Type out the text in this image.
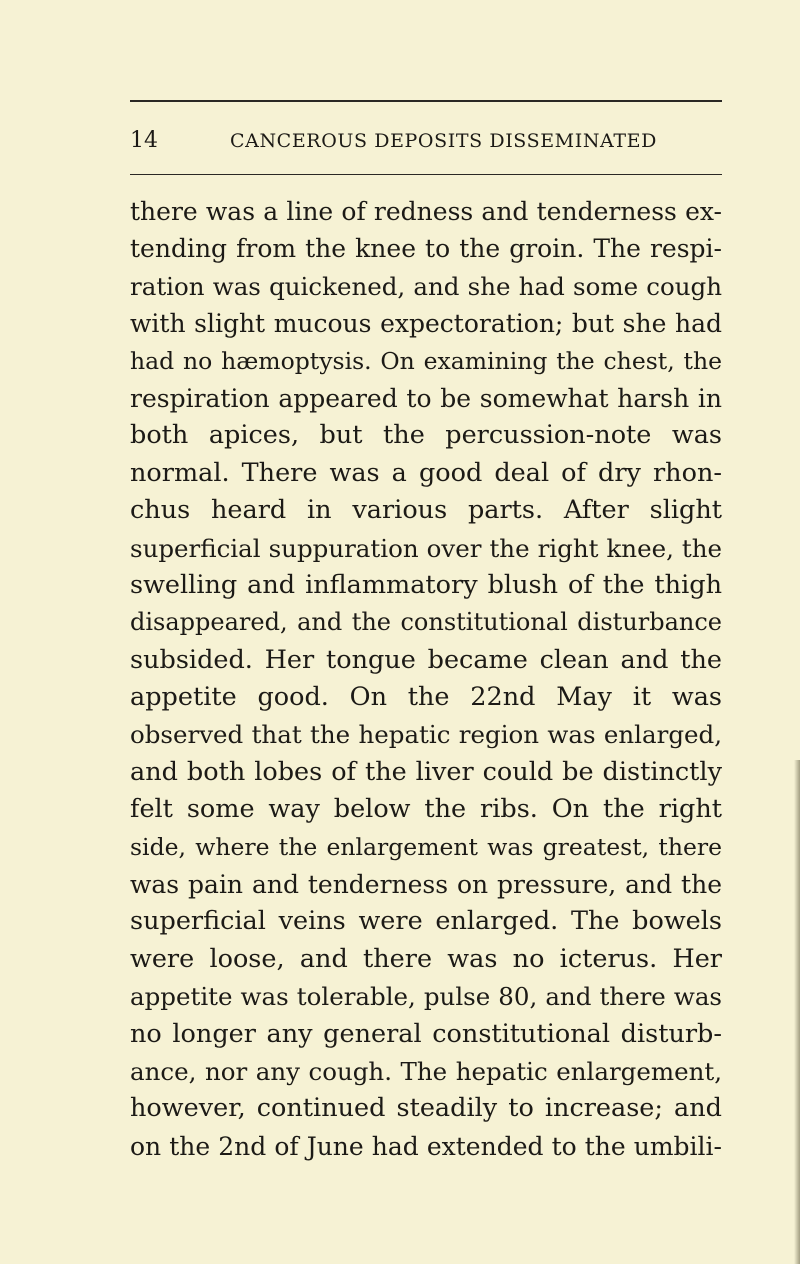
14	CANCEROUS DEPOSITS DISSEMINATED
there was a line of redness and tenderness ex-
tending from the knee to the groin. The respi-
ration was quickened, and she had some cough
with slight mucous expectoration; but she had
had no hæmoptysis. On examining the chest, the
respiration appeared to be somewhat harsh in
both apices, but the percussion-note was
normal. There was a good deal of dry rhon-
chus heard in various parts. After slight
superficial suppuration over the right knee, the
swelling and inflammatory blush of the thigh
disappeared, and the constitutional disturbance
subsided. Her tongue became clean and the
appetite good. On the 22nd May it was
observed that the hepatic region was enlarged,
and both lobes of the liver could be distinctly
felt some way below the ribs. On the right
side, where the enlargement was greatest, there
was pain and tenderness on pressure, and the
superficial veins were enlarged. The bowels
were loose, and there was no icterus. Her
appetite was tolerable, pulse 80, and there was
no longer any general constitutional disturb-
ance, nor any cough. The hepatic enlargement,
however, continued steadily to increase; and
on the 2nd of June had extended to the umbili-
